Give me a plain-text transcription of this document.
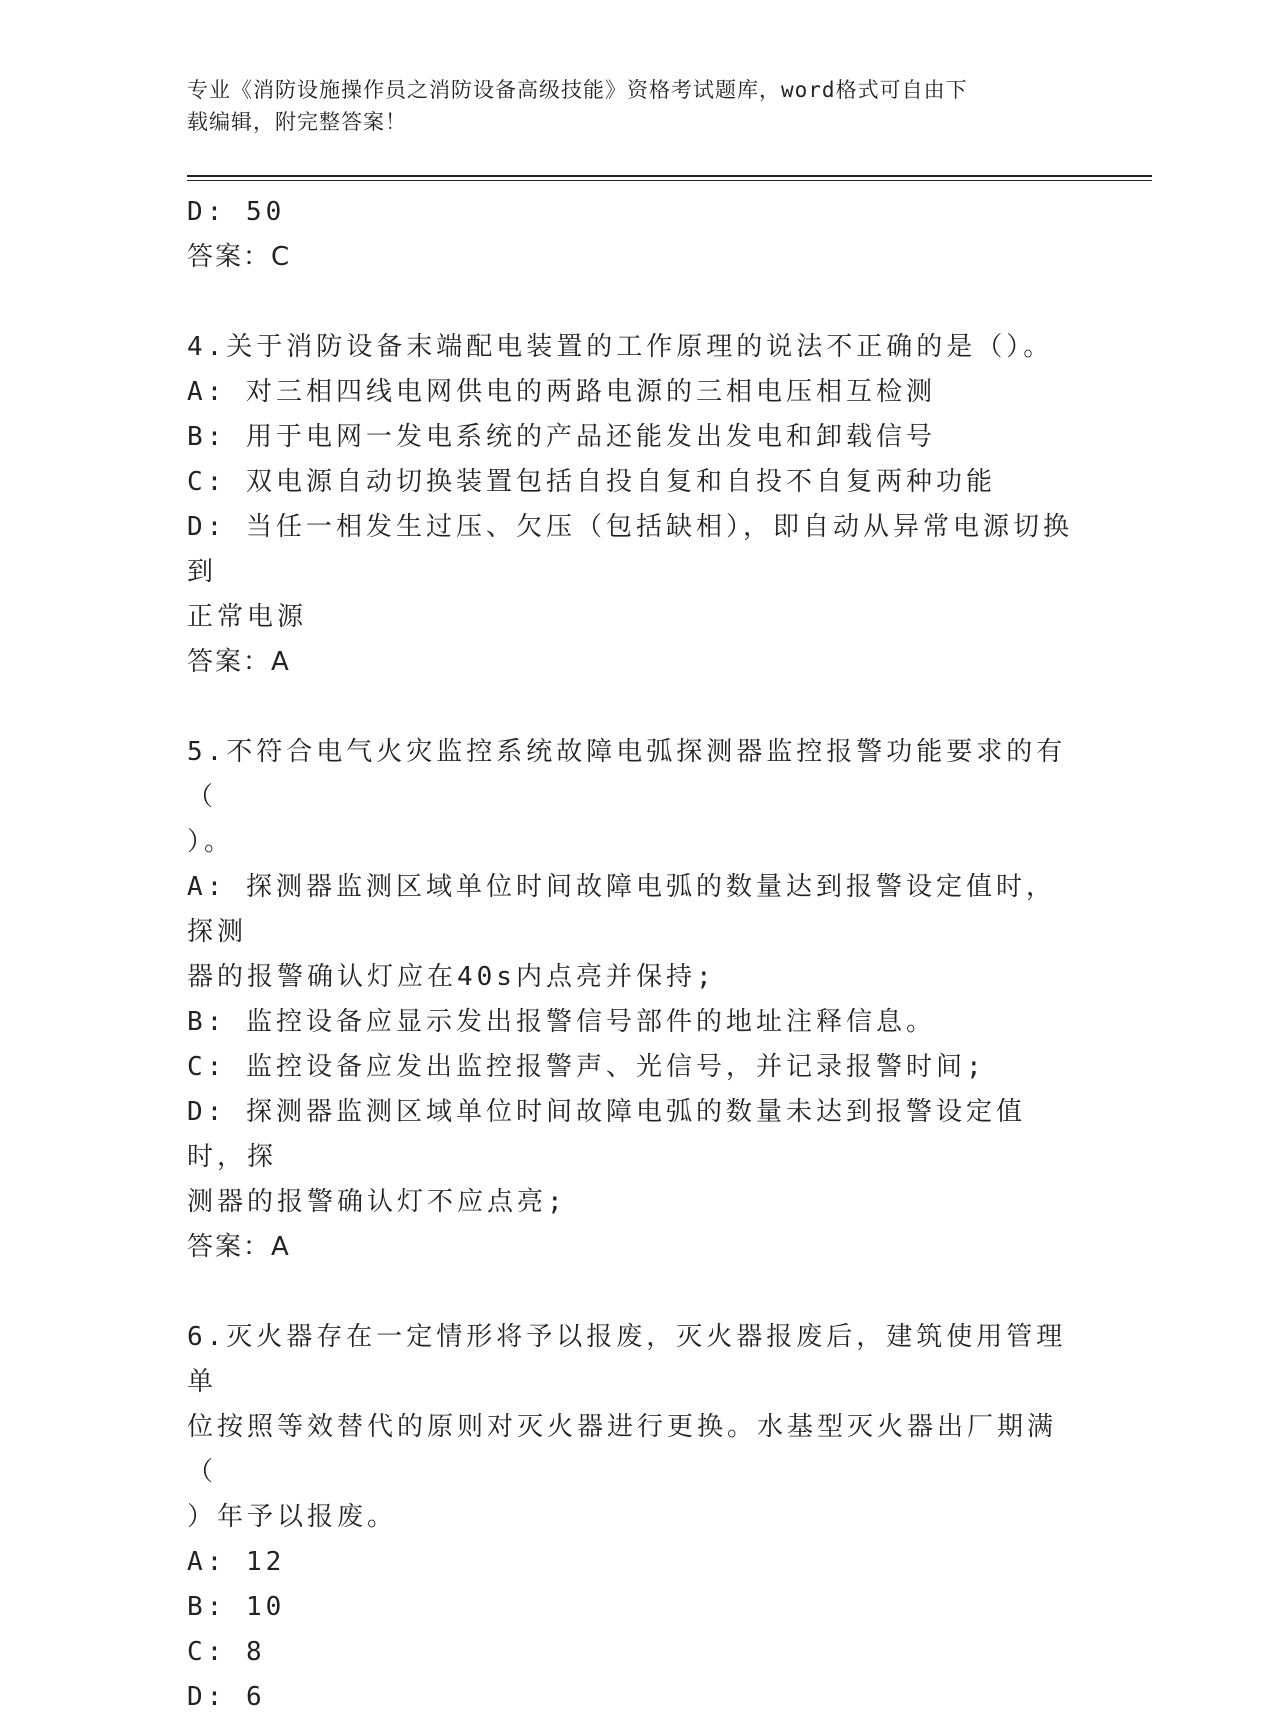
专业《消防设施操作员之消防设备高级技能》资格考试题库，word格式可自由下
载编辑，附完整答案！
D: 50
答案：C
4.关于消防设备末端配电装置的工作原理的说法不正确的是（）。
A: 对三相四线电网供电的两路电源的三相电压相互检测
B: 用于电网一发电系统的产品还能发出发电和卸载信号
C: 双电源自动切换装置包括自投自复和自投不自复两种功能
D: 当任一相发生过压、欠压（包括缺相），即自动从异常电源切换到
正常电源
答案：A
5.不符合电气火灾监控系统故障电弧探测器监控报警功能要求的有（
）。
A: 探测器监测区域单位时间故障电弧的数量达到报警设定值时，探测
器的报警确认灯应在40s内点亮并保持;
B: 监控设备应显示发出报警信号部件的地址注释信息。
C: 监控设备应发出监控报警声、光信号，并记录报警时间;
D: 探测器监测区域单位时间故障电弧的数量未达到报警设定值时，探
测器的报警确认灯不应点亮;
答案：A
6.灭火器存在一定情形将予以报废，灭火器报废后，建筑使用管理单
位按照等效替代的原则对灭火器进行更换。水基型灭火器出厂期满（
）年予以报废。
A: 12
B: 10
C: 8
D: 6
